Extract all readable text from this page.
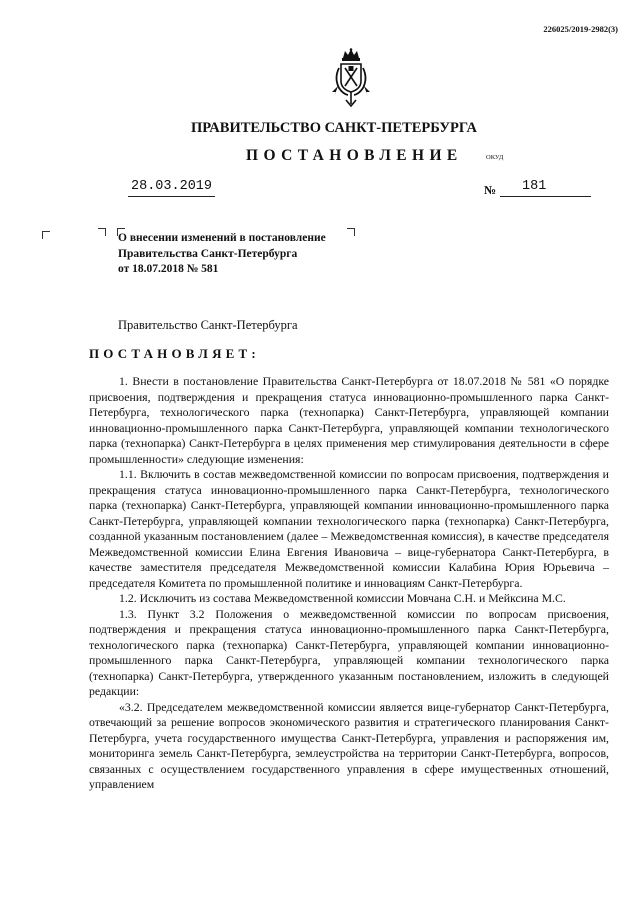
226025/2019-2982(3)
ПРАВИТЕЛЬСТВО САНКТ-ПЕТЕРБУРГА
ПОСТАНОВЛЕНИЕ	ОКУД
28.03.2019	№ 181
О внесении изменений в постановление
Правительства Санкт-Петербурга
от 18.07.2018 № 581
Правительство Санкт-Петербурга
ПОСТАНОВЛЯЕТ:

1. Внести в постановление Правительства Санкт-Петербурга от 18.07.2018 № 581 «О порядке присвоения, подтверждения и прекращения статуса инновационно-промышленного парка Санкт-Петербурга, технологического парка (технопарка) Санкт-Петербурга, управляющей компании инновационно-промышленного парка Санкт-Петербурга, управляющей компании технологического парка (технопарка) Санкт-Петербурга в целях применения мер стимулирования деятельности в сфере промышленности» следующие изменения:

1.1. Включить в состав межведомственной комиссии по вопросам присвоения, подтверждения и прекращения статуса инновационно-промышленного парка Санкт-Петербурга, технологического парка (технопарка) Санкт-Петербурга, управляющей компании инновационно-промышленного парка Санкт-Петербурга, управляющей компании технологического парка (технопарка) Санкт-Петербурга, созданной указанным постановлением (далее – Межведомственная комиссия), в качестве председателя Межведомственной комиссии Елина Евгения Ивановича – вице-губернатора Санкт-Петербурга, в качестве заместителя председателя Межведомственной комиссии Калабина Юрия Юрьевича – председателя Комитета по промышленной политике и инновациям Санкт-Петербурга.

1.2. Исключить из состава Межведомственной комиссии Мовчана С.Н. и Мейксина М.С.

1.3. Пункт 3.2 Положения о межведомственной комиссии по вопросам присвоения, подтверждения и прекращения статуса инновационно-промышленного парка Санкт-Петербурга, технологического парка (технопарка) Санкт-Петербурга, управляющей компании инновационно-промышленного парка Санкт-Петербурга, управляющей компании технологического парка (технопарка) Санкт-Петербурга, утвержденного указанным постановлением, изложить в следующей редакции:

«3.2. Председателем межведомственной комиссии является вице-губернатор Санкт-Петербурга, отвечающий за решение вопросов экономического развития и стратегического планирования Санкт-Петербурга, учета государственного имущества Санкт-Петербурга, управления и распоряжения им, мониторинга земель Санкт-Петербурга, землеустройства на территории Санкт-Петербурга, вопросов, связанных с осуществлением государственного управления в сфере имущественных отношений, управлением
